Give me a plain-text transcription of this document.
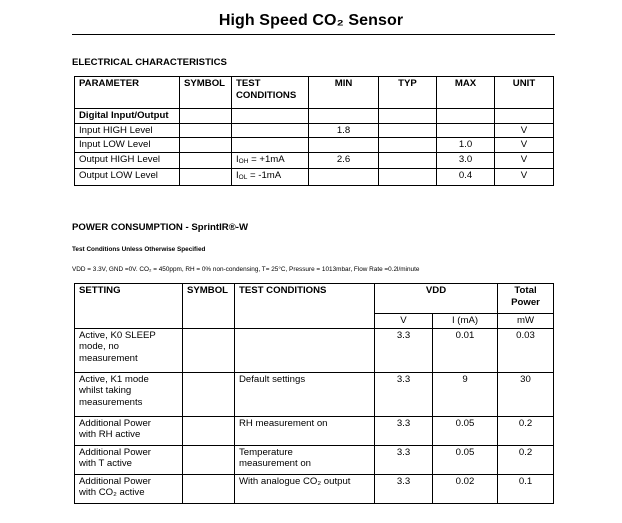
High Speed CO₂ Sensor
ELECTRICAL CHARACTERISTICS
PARAMETER	SYMBOL	TEST
CONDITIONS	MIN	TYP	MAX	UNIT
Digital Input/Output						
Input HIGH Level			1.8			V
Input LOW Level					1.0	V
Output HIGH Level		$I_{OH} = +1mA$	2.6		3.0	V
Output LOW Level		$I_{OL} = -1mA$			0.4	V
POWER CONSUMPTION - SprintIR®-W
Test Conditions Unless Otherwise Specified
VDD = 3.3V, GND =0V. CO₂ = 450ppm, RH = 0% non-condensing, T= 25°C, Pressure = 1013mbar, Flow Rate =0.2l/minute
SETTING	SYMBOL	TEST CONDITIONS	VDD		Total
Power
			V	I (mA)	mW
Active, K0 SLEEP
mode, no
measurement			3.3	0.01	0.03
Active, K1 mode
whilst taking
measurements		Default settings	3.3	9	30
Additional Power
with RH active		RH measurement on	3.3	0.05	0.2
Additional Power
with T active		Temperature
measurement on	3.3	0.05	0.2
Additional Power
with CO₂ active		With analogue CO₂ output	3.3	0.02	0.1
